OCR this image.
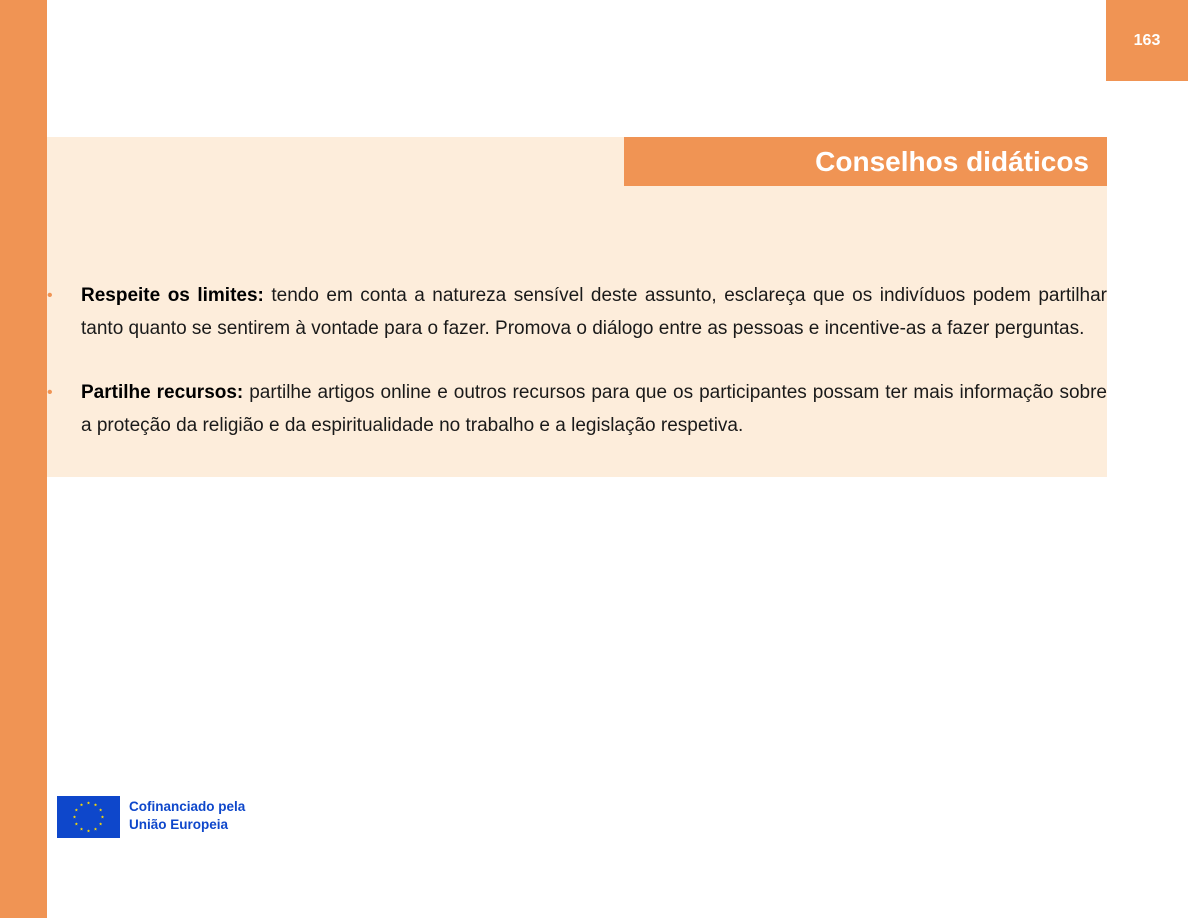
163
Conselhos didáticos
• Respeite os limites: tendo em conta a natureza sensível deste assunto, esclareça que os indivíduos podem partilhar tanto quanto se sentirem à vontade para o fazer. Promova o diálogo entre as pessoas e incentive-as a fazer perguntas.
• Partilhe recursos: partilhe artigos online e outros recursos para que os participantes possam ter mais informação sobre a proteção da religião e da espiritualidade no trabalho e a legislação respetiva.
Cofinanciado pela
União Europeia
